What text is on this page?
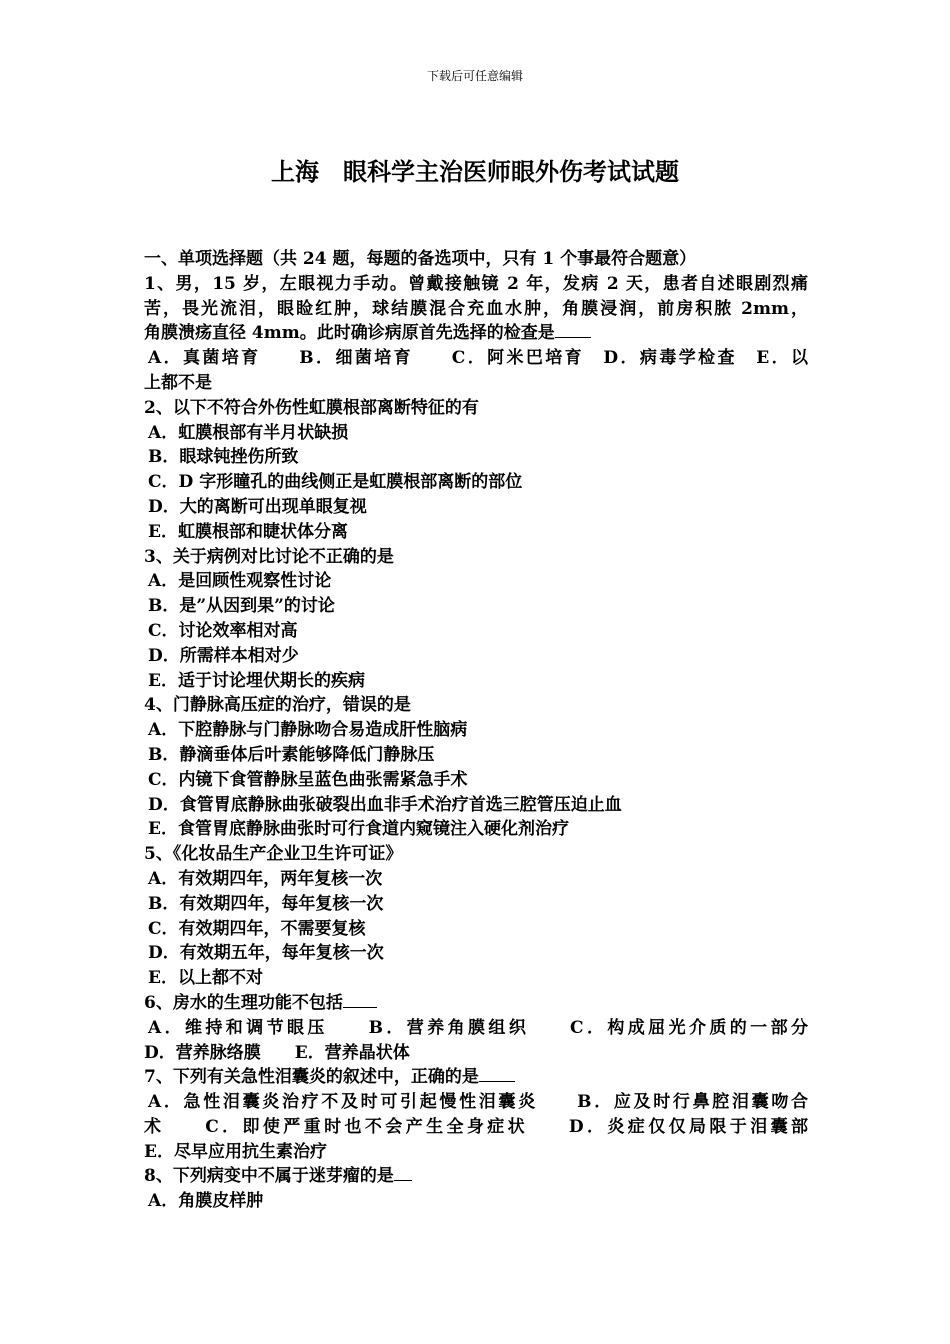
下载后可任意编辑
上海　眼科学主治医师眼外伤考试试题
一、单项选择题（共 24 题，每题的备选项中，只有 1 个事最符合题意）
1、男，15 岁，左眼视力手动。曾戴接触镜 2 年，发病 2 天，患者自述眼剧烈痛
苦，畏光流泪，眼睑红肿，球结膜混合充血水肿，角膜浸润，前房积脓 2mm，
角膜溃疡直径 4mm。此时确诊病原首先选择的检查是
A．真菌培育　　B．细菌培育　　C．阿米巴培育　D．病毒学检查　E．以
上都不是
2、以下不符合外伤性虹膜根部离断特征的有
A．虹膜根部有半月状缺损
B．眼球钝挫伤所致
C．D 字形瞳孔的曲线侧正是虹膜根部离断的部位
D．大的离断可出现单眼复视
E．虹膜根部和睫状体分离
3、关于病例对比讨论不正确的是
A．是回顾性观察性讨论
B．是”从因到果”的讨论
C．讨论效率相对高
D．所需样本相对少
E．适于讨论埋伏期长的疾病
4、门静脉高压症的治疗，错误的是
A．下腔静脉与门静脉吻合易造成肝性脑病
B．静滴垂体后叶素能够降低门静脉压
C．内镜下食管静脉呈蓝色曲张需紧急手术
D．食管胃底静脉曲张破裂出血非手术治疗首选三腔管压迫止血
E．食管胃底静脉曲张时可行食道内窥镜注入硬化剂治疗
5、《化妆品生产企业卫生许可证》
A．有效期四年，两年复核一次
B．有效期四年，每年复核一次
C．有效期四年，不需要复核
D．有效期五年，每年复核一次
E．以上都不对
6、房水的生理功能不包括
A．维持和调节眼压　　B．营养角膜组织　　C．构成屈光介质的一部分
D．营养脉络膜　　E．营养晶状体
7、下列有关急性泪囊炎的叙述中，正确的是
A．急性泪囊炎治疗不及时可引起慢性泪囊炎　　B．应及时行鼻腔泪囊吻合
术　　C．即使严重时也不会产生全身症状　　D．炎症仅仅局限于泪囊部
E．尽早应用抗生素治疗
8、下列病变中不属于迷芽瘤的是
A．角膜皮样肿
